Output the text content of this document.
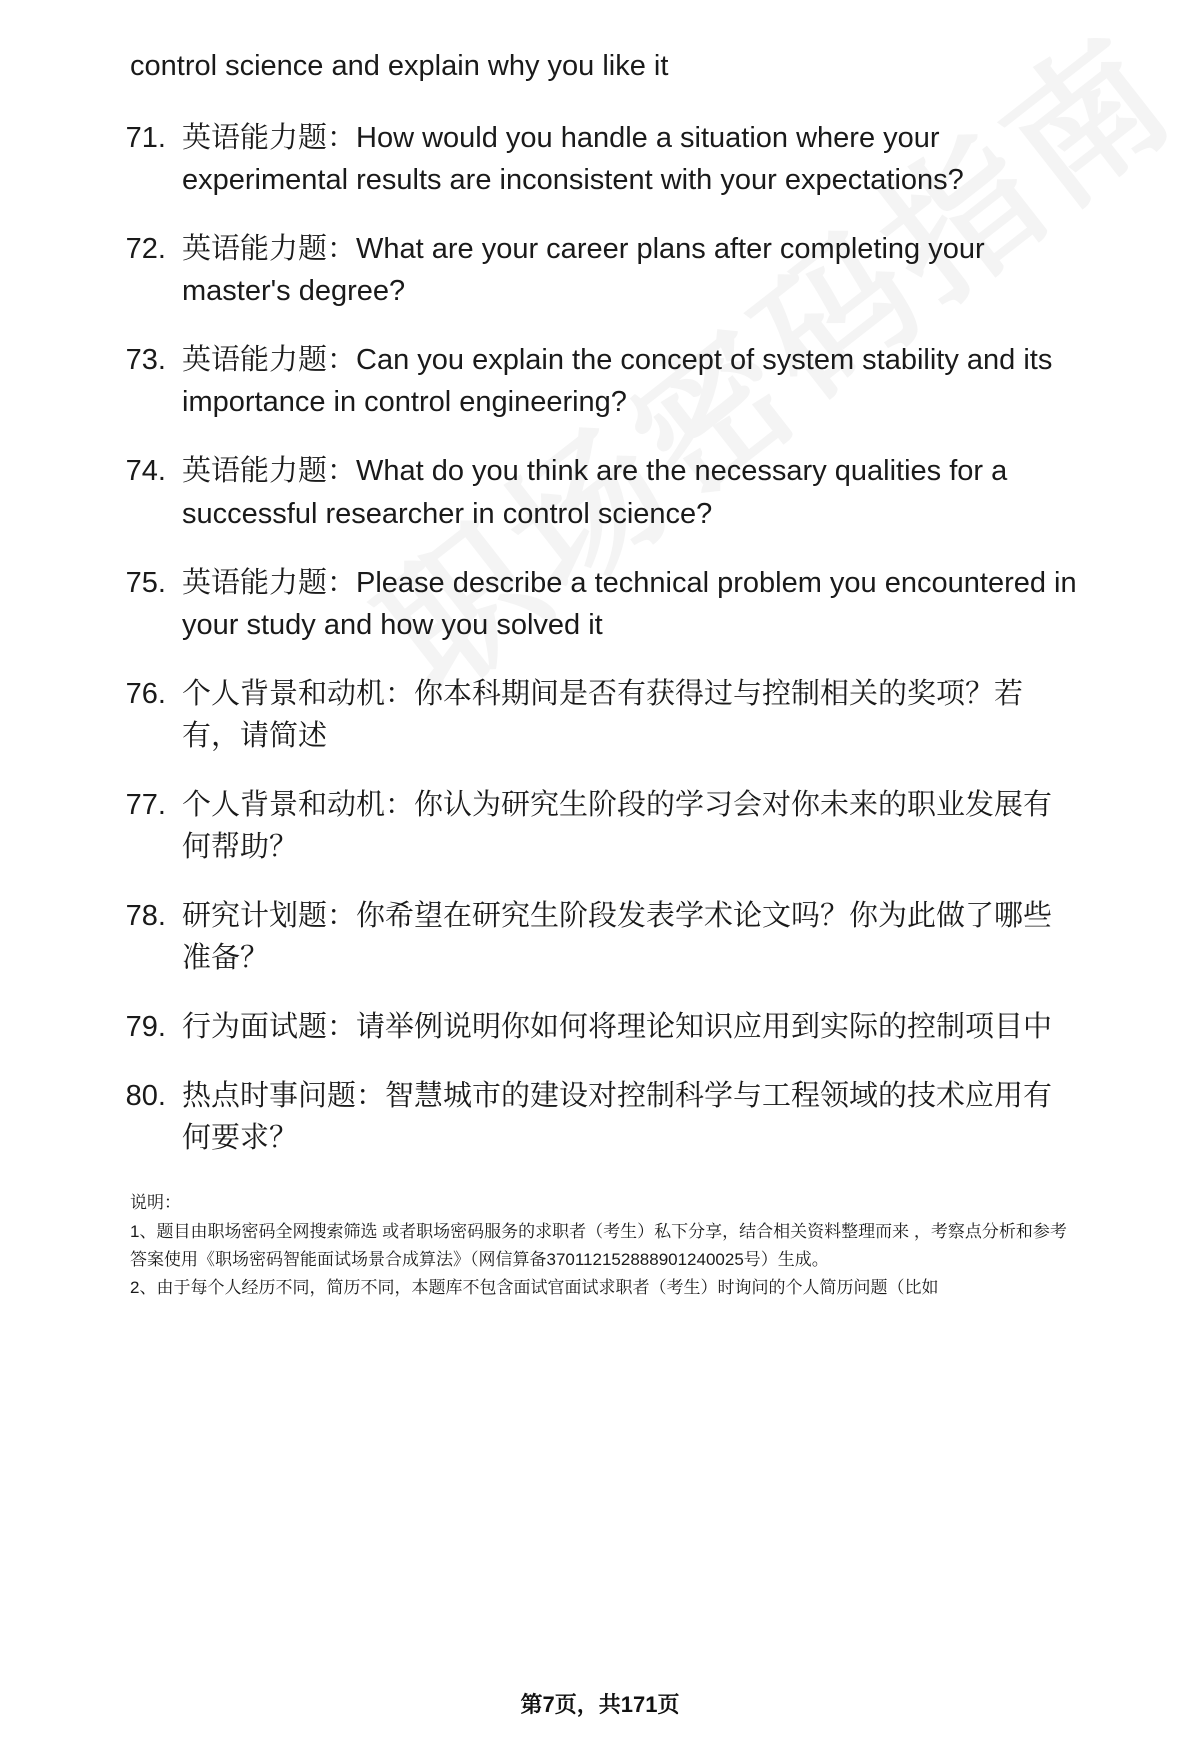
control science and explain why you like it

71. 英语能力题：How would you handle a situation where your experimental results are inconsistent with your expectations?
72. 英语能力题：What are your career plans after completing your master's degree?
73. 英语能力题：Can you explain the concept of system stability and its importance in control engineering?
74. 英语能力题：What do you think are the necessary qualities for a successful researcher in control science?
75. 英语能力题：Please describe a technical problem you encountered in your study and how you solved it
76. 个人背景和动机：你本科期间是否有获得过与控制相关的奖项？若有，请简述
77. 个人背景和动机：你认为研究生阶段的学习会对你未来的职业发展有何帮助？
78. 研究计划题：你希望在研究生阶段发表学术论文吗？你为此做了哪些准备？
79. 行为面试题：请举例说明你如何将理论知识应用到实际的控制项目中
80. 热点时事问题：智慧城市的建设对控制科学与工程领域的技术应用有何要求？
说明：
1、题目由职场密码全网搜索筛选 或者职场密码服务的求职者（考生）私下分享，结合相关资料整理而来 ，考察点分析和参考答案使用《职场密码智能面试场景合成算法》（网信算备370112152888901240025号）生成。
2、由于每个人经历不同，简历不同，本题库不包含面试官面试求职者（考生）时询问的个人简历问题（比如
第7页，共171页
